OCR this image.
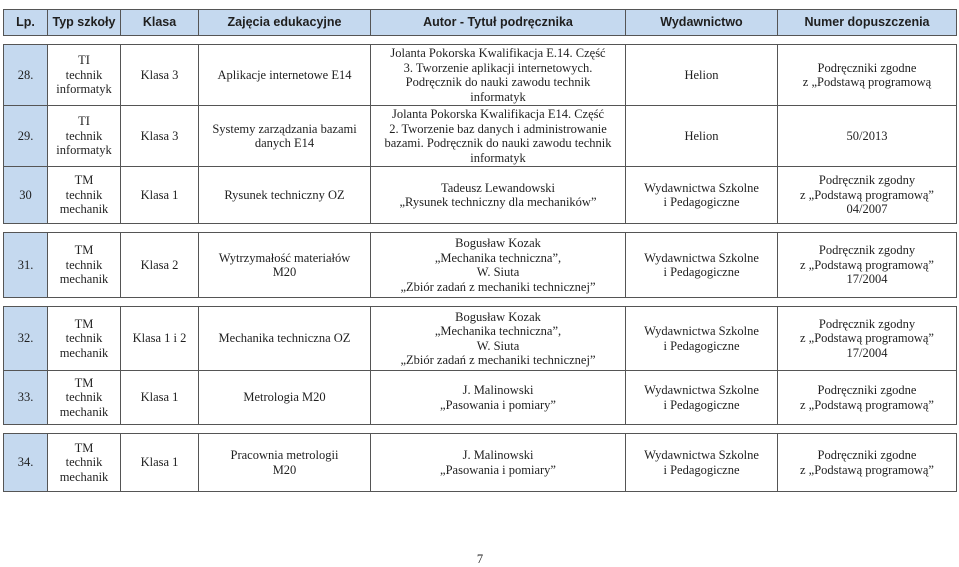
Lp.	Typ szkoły	Klasa	Zajęcia edukacyjne	Autor - Tytuł podręcznika	Wydawnictwo	Numer dopuszczenia

28.	TI
technik
informatyk	Klasa 3	Aplikacje internetowe E14	Jolanta Pokorska Kwalifikacja E.14. Część
3. Tworzenie aplikacji internetowych.
Podręcznik do nauki zawodu technik
informatyk	Helion	Podręczniki zgodne
z „Podstawą programową

29.	TI
technik
informatyk	Klasa 3	Systemy zarządzania bazami
danych E14	Jolanta Pokorska Kwalifikacja E14. Część
2. Tworzenie baz danych i administrowanie
bazami. Podręcznik do nauki zawodu technik
informatyk	Helion	50/2013

30	TM
technik
mechanik	Klasa 1	Rysunek techniczny OZ	Tadeusz Lewandowski
„Rysunek techniczny dla mechaników”	Wydawnictwa Szkolne
i Pedagogiczne	Podręcznik zgodny
z „Podstawą programową”
04/2007

31.	TM
technik
mechanik	Klasa 2	Wytrzymałość materiałów
M20	Bogusław Kozak
„Mechanika techniczna”,
W. Siuta
„Zbiór zadań z mechaniki technicznej”	Wydawnictwa Szkolne
i Pedagogiczne	Podręcznik zgodny
z „Podstawą programową”
17/2004

32.	TM
technik
mechanik	Klasa 1 i 2	Mechanika techniczna OZ	Bogusław Kozak
„Mechanika techniczna”,
W. Siuta
„Zbiór zadań z mechaniki technicznej”	Wydawnictwa Szkolne
i Pedagogiczne	Podręcznik zgodny
z „Podstawą programową”
17/2004

33.	TM
technik
mechanik	Klasa 1	Metrologia M20	J. Malinowski
„Pasowania i pomiary”	Wydawnictwa Szkolne
i Pedagogiczne	Podręczniki zgodne
z „Podstawą programową”

34.	TM
technik
mechanik	Klasa 1	Pracownia metrologii
M20	J. Malinowski
„Pasowania i pomiary”	Wydawnictwa Szkolne
i Pedagogiczne	Podręczniki zgodne
z „Podstawą programową”
7
